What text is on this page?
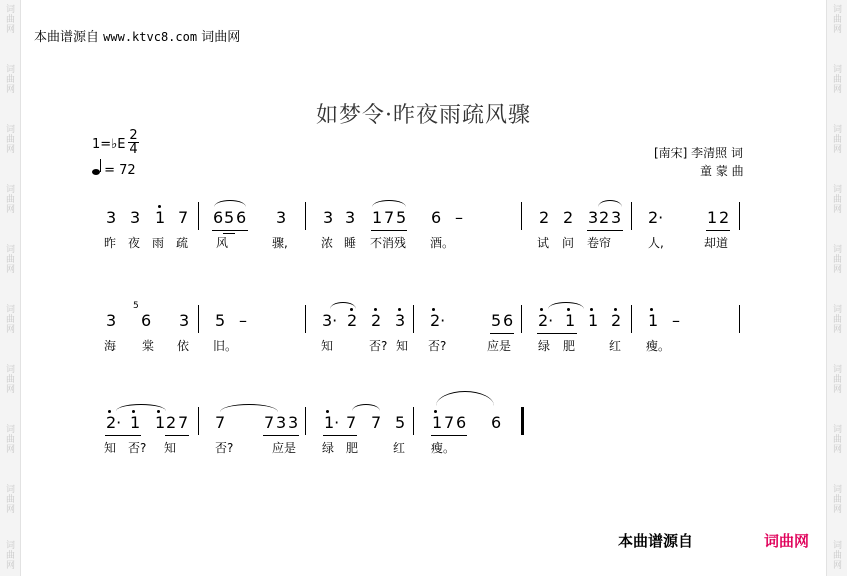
词曲网
词曲网
词曲网
词曲网
词曲网
词曲网
词曲网
词曲网
词曲网
词曲网
词曲网
词曲网
词曲网
词曲网
词曲网
词曲网
词曲网
词曲网
词曲网
词曲网
本曲谱源自 www.ktvc8.com 词曲网
如梦令·昨夜雨疏风骤
1=♭E
2
4
= 72
[南宋] 李清照 词
童 蒙 曲
3 3 1 7 6 5 6 3 3 3 1 7 5 6 –	2 2 3 2 3 2·	1 2
昨 夜 雨 疏 风	骤,	浓 睡 不消残 酒。	试 问 卷帘	人,	却道
3
5
6 3 5 –	3· 2 2 3 2·	5 6 2· 1 1 2 1 –
海 棠 依 旧。	知	否? 知 否?	应是 绿 肥	红 瘦。
2· 1 1 2 7 7 7 3 3 1· 7 7 5 1 7 6 6
知 否? 知	否?	应是 绿 肥	红 瘦。
本曲谱源自	词曲网
